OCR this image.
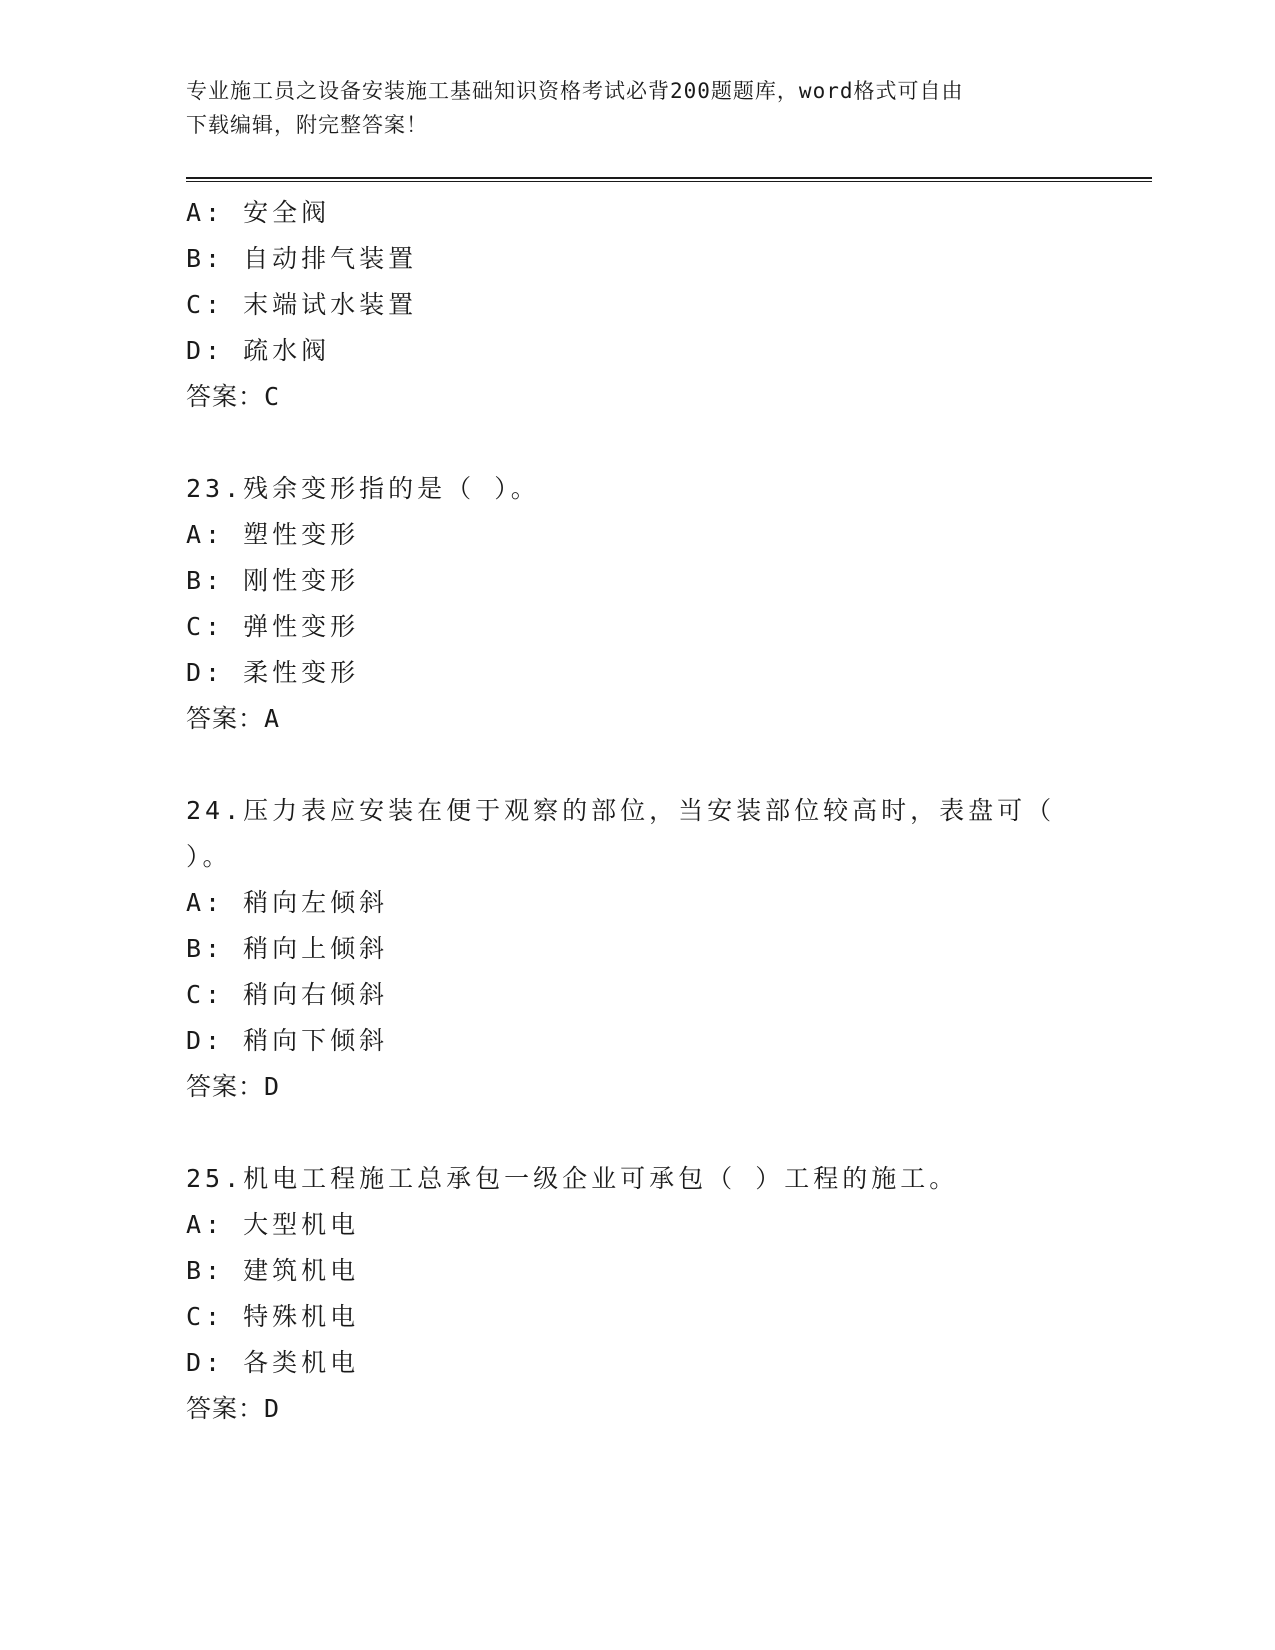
专业施工员之设备安装施工基础知识资格考试必背200题题库，word格式可自由
下载编辑，附完整答案！
A: 安全阀
B: 自动排气装置
C: 末端试水装置
D: 疏水阀
答案：C
23.残余变形指的是（ ）。
A: 塑性变形
B: 刚性变形
C: 弹性变形
D: 柔性变形
答案：A
24.压力表应安装在便于观察的部位，当安装部位较高时，表盘可（
）。
A: 稍向左倾斜
B: 稍向上倾斜
C: 稍向右倾斜
D: 稍向下倾斜
答案：D
25.机电工程施工总承包一级企业可承包（ ）工程的施工。
A: 大型机电
B: 建筑机电
C: 特殊机电
D: 各类机电
答案：D
